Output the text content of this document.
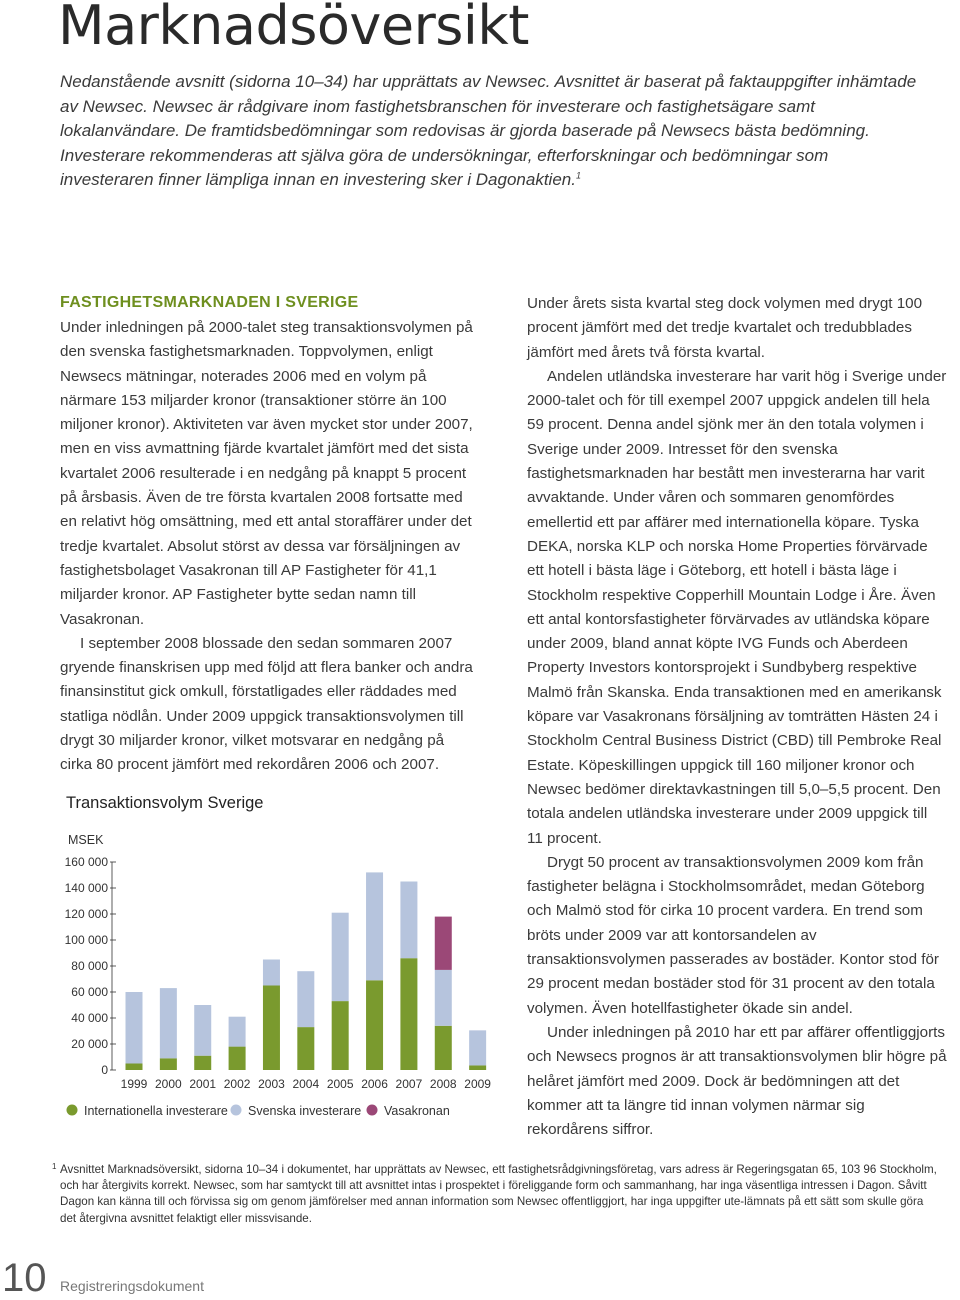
Marknadsöversikt
Nedanstående avsnitt (sidorna 10–34) har upprättats av Newsec. Avsnittet är baserat på faktauppgifter inhämtade av Newsec. Newsec är rådgivare inom fastighetsbranschen för investerare och fastighetsägare samt lokalanvändare. De framtidsbedömningar som redovisas är gjorda baserade på Newsecs bästa bedömning. Investerare rekommenderas att själva göra de undersökningar, efterforskningar och bedömningar som investeraren finner lämpliga innan en investering sker i Dagonaktien.$^1$
FASTIGHETSMARKNADEN I SVERIGE

Under inledningen på 2000-talet steg transaktionsvolymen på den svenska fastighetsmarknaden. Toppvolymen, enligt Newsecs mätningar, noterades 2006 med en volym på närmare 153 miljarder kronor (transaktioner större än 100 miljoner kronor). Aktiviteten var även mycket stor under 2007, men en viss avmattning fjärde kvartalet jämfört med det sista kvartalet 2006 resulterade i en nedgång på knappt 5 procent på årsbasis. Även de tre första kvartalen 2008 fortsatte med en relativt hög omsättning, med ett antal storaffärer under det tredje kvartalet. Absolut störst av dessa var försäljningen av fastighetsbolaget Vasakronan till AP Fastigheter för 41,1 miljarder kronor. AP Fastigheter bytte sedan namn till Vasakronan.

I september 2008 blossade den sedan sommaren 2007 gryende finanskrisen upp med följd att flera banker och andra finansinstitut gick omkull, förstatligades eller räddades med statliga nödlån. Under 2009 uppgick transaktionsvolymen till drygt 30 miljarder kronor, vilket motsvarar en nedgång på cirka 80 procent jämfört med rekordåren 2006 och 2007.

Transaktionsvolym Sverige
MSEK
0
20 000
40 000
60 000
80 000
100 000
120 000
140 000
160 000
1999 2000 2001 2002 2003 2004 2005 2006 2007 2008 2009
Internationella investerare Svenska investerare Vasakronan

Under årets sista kvartal steg dock volymen med drygt 100 procent jämfört med det tredje kvartalet och tredubblades jämfört med årets två första kvartal.

Andelen utländska investerare har varit hög i Sverige under 2000-talet och för till exempel 2007 uppgick andelen till hela 59 procent. Denna andel sjönk mer än den totala volymen i Sverige under 2009. Intresset för den svenska fastighetsmarknaden har bestått men investerarna har varit avvaktande. Under våren och sommaren genomfördes emellertid ett par affärer med internationella köpare. Tyska DEKA, norska KLP och norska Home Properties förvärvade ett hotell i bästa läge i Göteborg, ett hotell i bästa läge i Stockholm respektive Copperhill Mountain Lodge i Åre. Även ett antal kontorsfastigheter förvärvades av utländska köpare under 2009, bland annat köpte IVG Funds och Aberdeen Property Investors kontorsprojekt i Sundbyberg respektive Malmö från Skanska. Enda transaktionen med en amerikansk köpare var Vasakronans försäljning av tomträtten Hästen 24 i Stockholm Central Business District (CBD) till Pembroke Real Estate. Köpeskillingen uppgick till 160 miljoner kronor och Newsec bedömer direktavkastningen till 5,0–5,5 procent. Den totala andelen utländska investerare under 2009 uppgick till 11 procent.

Drygt 50 procent av transaktionsvolymen 2009 kom från fastigheter belägna i Stockholmsområdet, medan Göteborg och Malmö stod för cirka 10 procent vardera. En trend som bröts under 2009 var att kontorsandelen av transaktionsvolymen passerades av bostäder. Kontor stod för 29 procent medan bostäder stod för 31 procent av den totala volymen. Även hotellfastigheter ökade sin andel.

Under inledningen på 2010 har ett par affärer offentliggjorts och Newsecs prognos är att transaktionsvolymen blir högre på helåret jämfört med 2009. Dock är bedömningen att det kommer att ta längre tid innan volymen närmar sig rekordårens siffror.

1 Avsnittet Marknadsöversikt, sidorna 10–34 i dokumentet, har upprättats av Newsec, ett fastighetsrådgivningsföretag, vars adress är Regeringsgatan 65, 103 96 Stockholm, och har återgivits korrekt. Newsec, som har samtyckt till att avsnittet intas i prospektet i föreliggande form och sammanhang, har inga väsentliga intressen i Dagon. Såvitt Dagon kan känna till och förvissa sig om genom jämförelser med annan information som Newsec offentliggjort, har inga uppgifter ute-lämnats på ett sätt som skulle göra det återgivna avsnittet felaktigt eller missvisande.
10 Registreringsdokument
